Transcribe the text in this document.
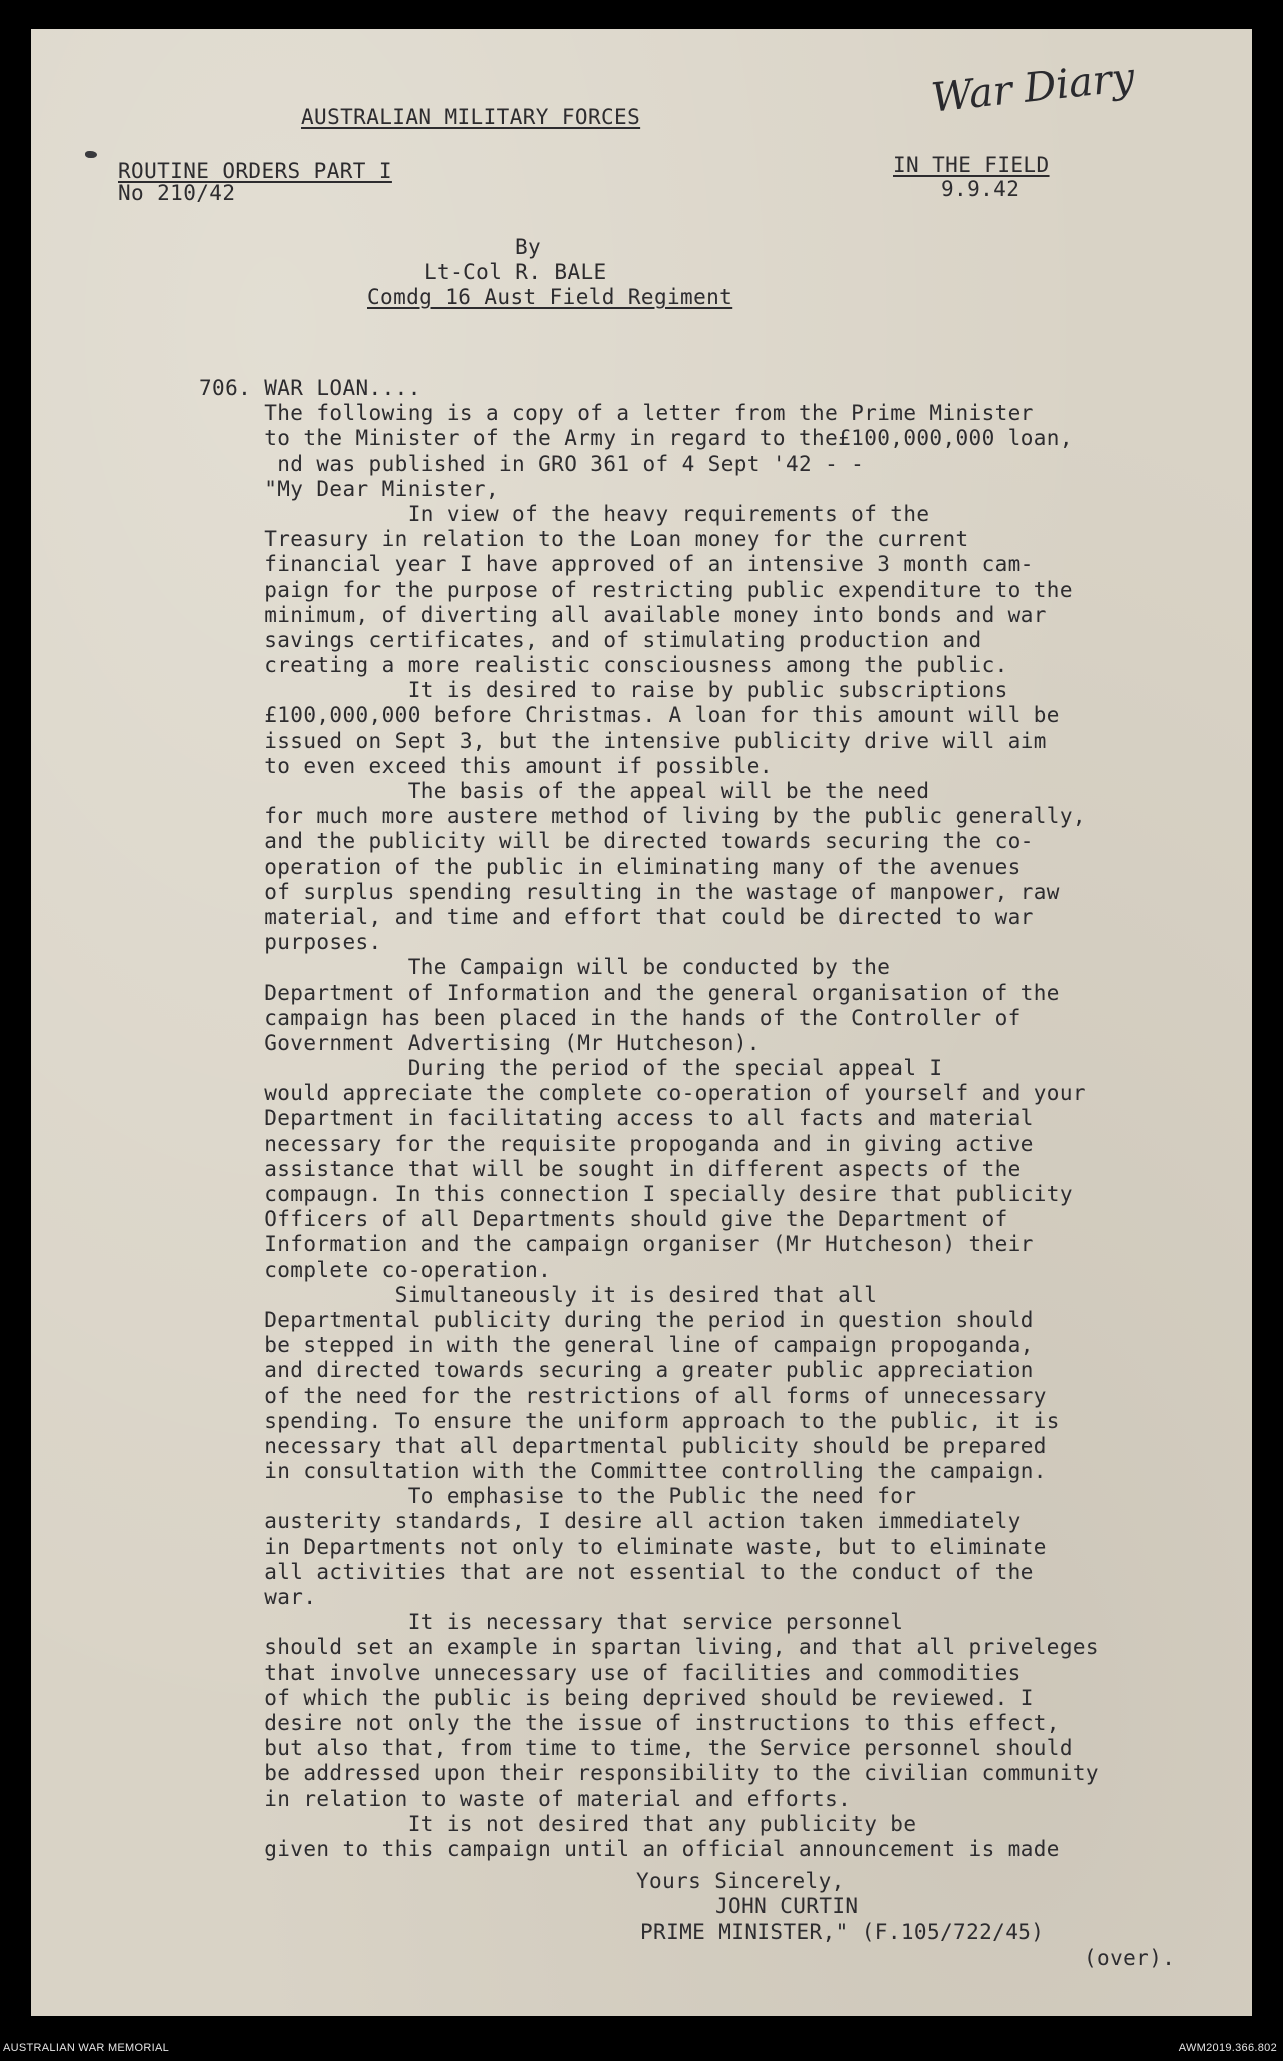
AUSTRALIAN MILITARY FORCES	War Diary
ROUTINE ORDERS PART I
No 210/42
IN THE FIELD
9.9.42
By
Lt-Col R. BALE
Comdg 16 Aust Field Regiment
706. WAR LOAN....
The following is a copy of a letter from the Prime Minister
to the Minister of the Army in regard to the£100,000,000 loan,
nd was published in GRO 361 of 4 Sept '42 - -
"My Dear Minister,
In view of the heavy requirements of the
Treasury in relation to the Loan money for the current
financial year I have approved of an intensive 3 month cam-
paign for the purpose of restricting public expenditure to the
minimum, of diverting all available money into bonds and war
savings certificates, and of stimulating production and
creating a more realistic consciousness among the public.
It is desired to raise by public subscriptions
£100,000,000 before Christmas. A loan for this amount will be
issued on Sept 3, but the intensive publicity drive will aim
to even exceed this amount if possible.
The basis of the appeal will be the need
for much more austere method of living by the public generally,
and the publicity will be directed towards securing the co-
operation of the public in eliminating many of the avenues
of surplus spending resulting in the wastage of manpower, raw
material, and time and effort that could be directed to war
purposes.
The Campaign will be conducted by the
Department of Information and the general organisation of the
campaign has been placed in the hands of the Controller of
Government Advertising (Mr Hutcheson).
During the period of the special appeal I
would appreciate the complete co-operation of yourself and your
Department in facilitating access to all facts and material
necessary for the requisite propoganda and in giving active
assistance that will be sought in different aspects of the
compaugn. In this connection I specially desire that publicity
Officers of all Departments should give the Department of
Information and the campaign organiser (Mr Hutcheson) their
complete co-operation.
Simultaneously it is desired that all
Departmental publicity during the period in question should
be stepped in with the general line of campaign propoganda,
and directed towards securing a greater public appreciation
of the need for the restrictions of all forms of unnecessary
spending. To ensure the uniform approach to the public, it is
necessary that all departmental publicity should be prepared
in consultation with the Committee controlling the campaign.
To emphasise to the Public the need for
austerity standards, I desire all action taken immediately
in Departments not only to eliminate waste, but to eliminate
all activities that are not essential to the conduct of the
war.
It is necessary that service personnel
should set an example in spartan living, and that all priveleges
that involve unnecessary use of facilities and commodities
of which the public is being deprived should be reviewed. I
desire not only the the issue of instructions to this effect,
but also that, from time to time, the Service personnel should
be addressed upon their responsibility to the civilian community
in relation to waste of material and efforts.
It is not desired that any publicity be
given to this campaign until an official announcement is made
Yours Sincerely,
JOHN CURTIN
PRIME MINISTER," (F.105/722/45)
(over).
AUSTRALIAN WAR MEMORIAL	AWM2019.366.802
